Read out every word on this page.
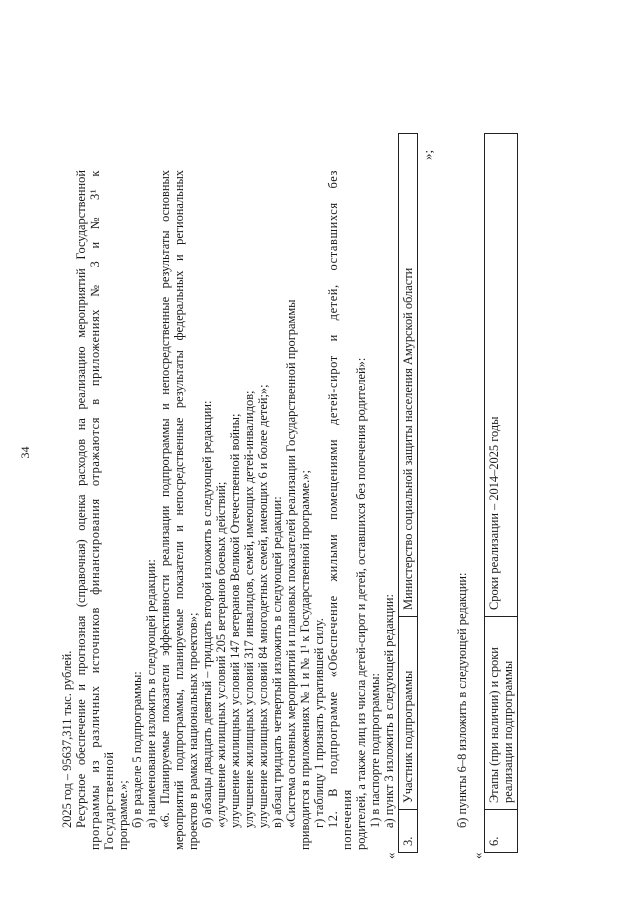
34

2025 год – 95637,311 тыс. рублей. Ресурсное обеспечение и прогнозная (справочная) оценка расходов на реализацию мероприятий Государственной программы из различных источников финансирования отражаются в приложениях № 3 и № 3¹ к Государственной программе.»; б) в разделе 5 подпрограммы: а) наименование изложить в следующей редакции: «6. Планируемые показатели эффективности реализации подпрограммы и непосредственные результаты основных мероприятий подпрограммы, планируемые показатели и непосредственные результаты федеральных и региональных проектов в рамках национальных проектов»; б) абзацы двадцать девятый – тридцать второй изложить в следующей редакции: «улучшение жилищных условий 205 ветеранов боевых действий; улучшение жилищных условий 147 ветеранов Великой Отечественной войны; улучшение жилищных условий 317 инвалидов, семей, имеющих детей-инвалидов; улучшение жилищных условий 84 многодетных семей, имеющих 6 и более детей;»; в) абзац тридцать четвертый изложить в следующей редакции: «Система основных мероприятий и плановых показателей реализации Государственной программы приводится в приложениях № 1 и № 1¹ к Государственной программе.»; г) таблицу 1 признать утратившей силу. 12. В подпрограмме «Обеспечение жилыми помещениями детей-сирот и детей, оставшихся без попечения родителей, а также лиц из числа детей-сирот и детей, оставшихся без попечения родителей»: 1) в паспорте подпрограммы: а) пункт 3 изложить в следующей редакции:

«
3.	Участник подпрограммы	Министерство социальной защиты населения Амурской области
»;

б) пункты 6–8 изложить в следующей редакции:

«
6.	Этапы (при наличии) и сроки реализации подпрограммы	Сроки реализации – 2014–2025 годы
